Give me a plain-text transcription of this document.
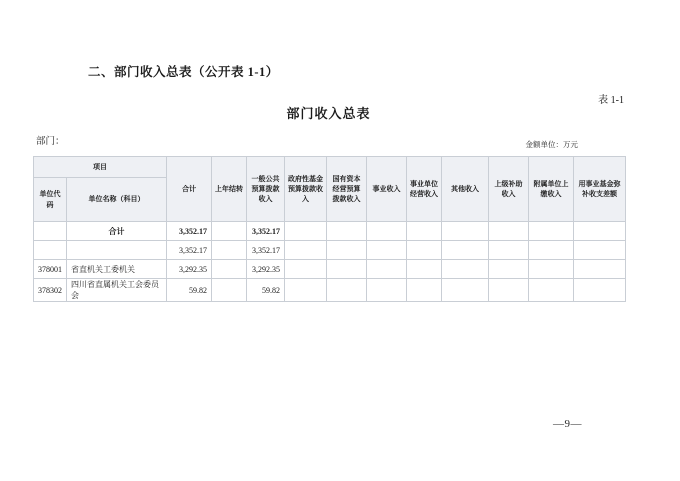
二、部门收入总表（公开表 1-1）
表 1-1
部门收入总表
部门：	金额单位：万元
项目		合计	上年结转	一般公共预算拨款收入	政府性基金预算拨款收入	国有资本经营预算拨款收入	事业收入	事业单位经营收入	其他收入	上级补助收入	附属单位上缴收入	用事业基金弥补收支差额
单位代码	单位名称（科目）											
	合计	3,352.17		3,352.17								
		3,352.17		3,352.17								
378001	省直机关工委机关	3,292.35		3,292.35								
378302	四川省直属机关工会委员会	59.82		59.82								
—9—
